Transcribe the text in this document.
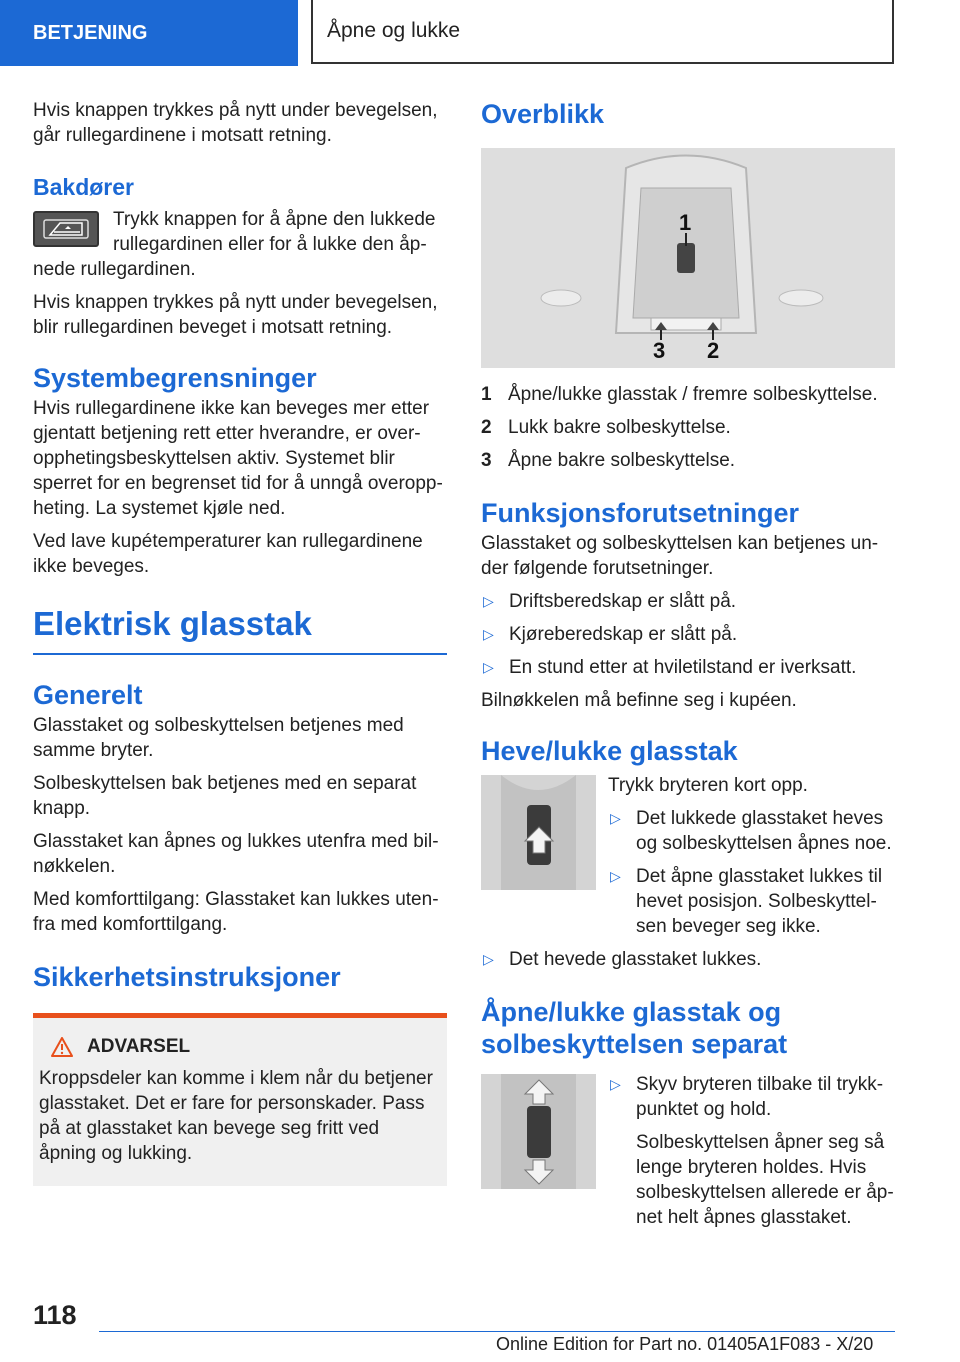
BETJENING	Åpne og lukke

Hvis knappen trykkes på nytt under bevegelsen, går rullegardinene i motsatt retning.

Bakdører

Trykk knappen for å åpne den lukkede rullegardinen eller for å lukke den åpnede rullegardinen.

Hvis knappen trykkes på nytt under bevegelsen, blir rullegardinen beveget i motsatt retning.

Systembegrensninger

Hvis rullegardinene ikke kan beveges mer etter gjentatt betjening rett etter hverandre, er overopphetingsbeskyttelsen aktiv. Systemet blir sperret for en begrenset tid for å unngå overoppheting. La systemet kjøle ned.

Ved lave kupétemperaturer kan rullegardinene ikke beveges.

Elektrisk glasstak
Generelt

Glasstaket og solbeskyttelsen betjenes med samme bryter.

Solbeskyttelsen bak betjenes med en separat knapp.

Glasstaket kan åpnes og lukkes utenfra med bilnøkkelen.

Med komforttilgang: Glasstaket kan lukkes utenfra med komforttilgang.

Sikkerhetsinstruksjoner
ADVARSEL

Kroppsdeler kan komme i klem når du betjener glasstaket. Det er fare for personskader. Pass på at glasstaket kan bevege seg fritt ved åpning og lukking.

Overblikk
1
3 2
1 Åpne/lukke glasstak / fremre solbeskyttelse.
2 Lukk bakre solbeskyttelse.
3 Åpne bakre solbeskyttelse.
Funksjonsforutsetninger

Glasstaket og solbeskyttelsen kan betjenes under følgende forutsetninger.

▷ Driftsberedskap er slått på.
▷ Kjøreberedskap er slått på.
▷ En stund etter at hviletilstand er iverksatt.

Bilnøkkelen må befinne seg i kupéen.

Heve/lukke glasstak

Trykk bryteren kort opp.

▷ Det lukkede glasstaket heves og solbeskyttelsen åpnes noe.
▷ Det åpne glasstaket lukkes til hevet posisjon. Solbeskyttelsen beveger seg ikke.
▷ Det hevede glasstaket lukkes.
Åpne/lukke glasstak og solbeskyttelsen separat
▷ Skyv bryteren tilbake til trykkpunktet og hold.

Solbeskyttelsen åpner seg så lenge bryteren holdes. Hvis solbeskyttelsen allerede er åpnet helt åpnes glasstaket.

118
Online Edition for Part no. 01405A1F083 - X/20
